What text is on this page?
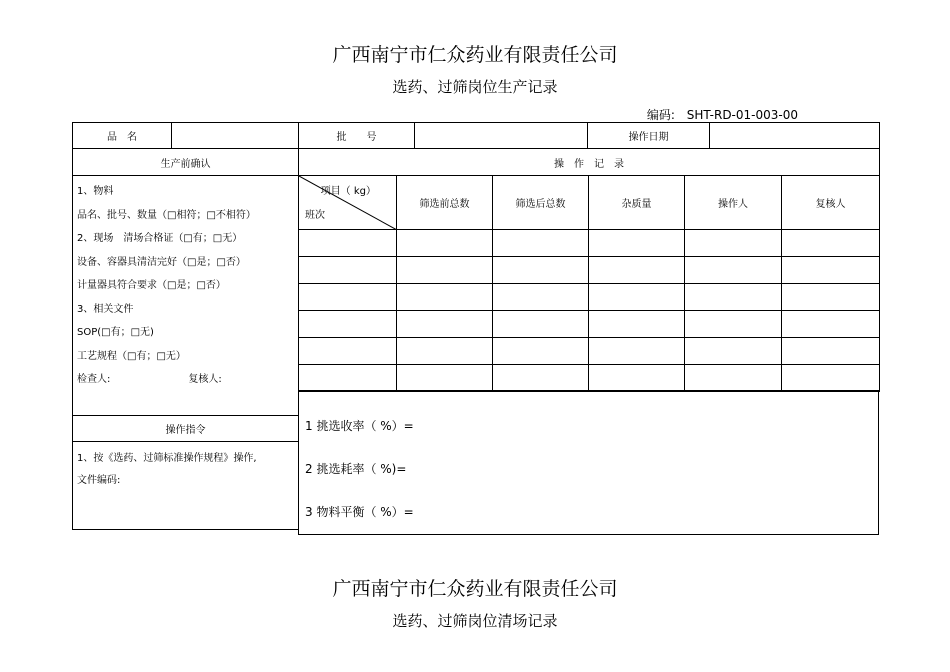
广西南宁市仁众药业有限责任公司
选药、过筛岗位生产记录
编码: SHT-RD-01-003-00
品　名		批　　号		操作日期	
生产前确认

1、物料
品名、批号、数量（□相符；□不相符）
2、现场　清场合格证（□有；□无）
设备、容器具清洁完好（□是；□否）
计量器具符合要求（□是；□否）
3、相关文件
SOP(□有；□无)
工艺规程（□有；□无）
检查人:	复核人:

操作指令

1、按《选药、过筛标准操作规程》操作,
文件编码:
操　作　记　录					

项目（ kg）
班次	筛选前总数	筛选后总数	杂质量	操作人	复核人

1 挑选收率（ %）=
2 挑选耗率（ %)=
3 物料平衡（ %）=
广西南宁市仁众药业有限责任公司
选药、过筛岗位清场记录
